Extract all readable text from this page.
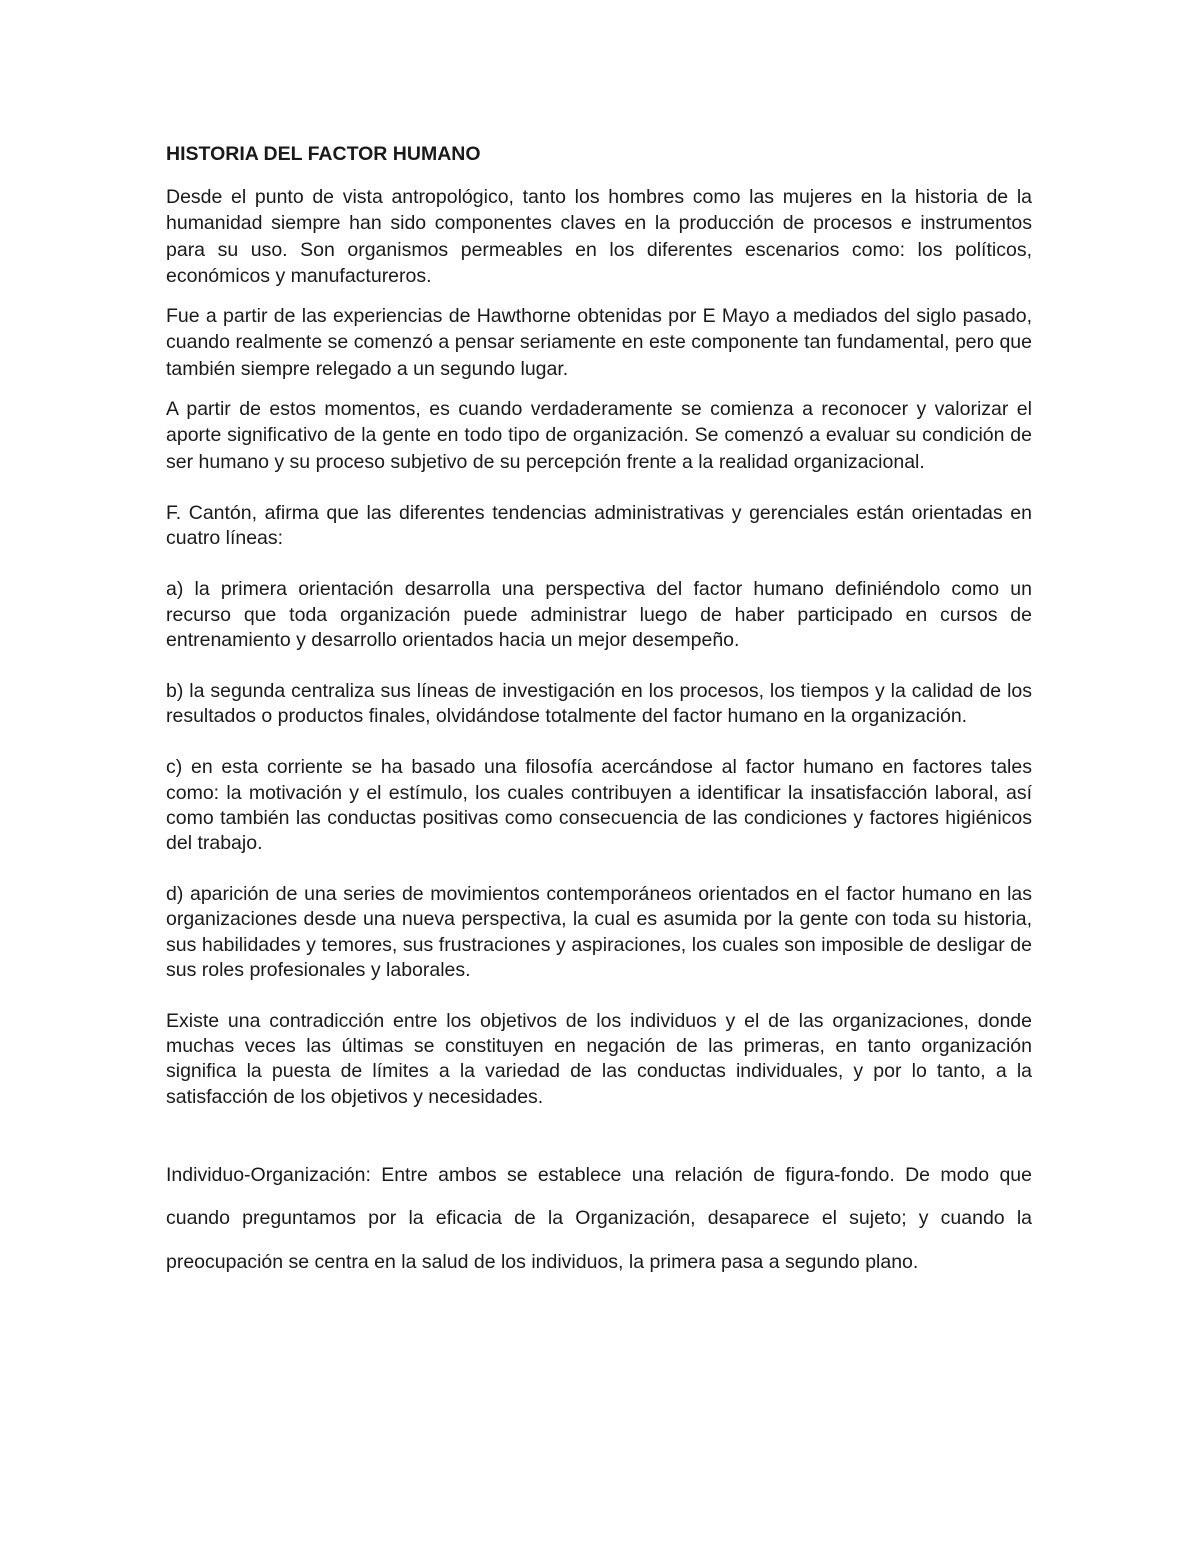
HISTORIA DEL FACTOR HUMANO

Desde el punto de vista antropológico, tanto los hombres como las mujeres en la historia de la humanidad siempre han sido componentes claves en la producción de procesos e instrumentos para su uso. Son organismos permeables en los diferentes escenarios como: los políticos, económicos y manufactureros.

Fue a partir de las experiencias de Hawthorne obtenidas por E Mayo a mediados del siglo pasado, cuando realmente se comenzó a pensar seriamente en este componente tan fundamental, pero que también siempre relegado a un segundo lugar.

A partir de estos momentos, es cuando verdaderamente se comienza a reconocer y valorizar el aporte significativo de la gente en todo tipo de organización. Se comenzó a evaluar su condición de ser humano y su proceso subjetivo de su percepción frente a la realidad organizacional.

F. Cantón, afirma que las diferentes tendencias administrativas y gerenciales están orientadas en cuatro líneas:

a) la primera orientación desarrolla una perspectiva del factor humano definiéndolo como un recurso que toda organización puede administrar luego de haber participado en cursos de entrenamiento y desarrollo orientados hacia un mejor desempeño.

b) la segunda centraliza sus líneas de investigación en los procesos, los tiempos y la calidad de los resultados o productos finales, olvidándose totalmente del factor humano en la organización.

c) en esta corriente se ha basado una filosofía acercándose al factor humano en factores tales como: la motivación y el estímulo, los cuales contribuyen a identificar la insatisfacción laboral, así como también las conductas positivas como consecuencia de las condiciones y factores higiénicos del trabajo.

d) aparición de una series de movimientos contemporáneos orientados en el factor humano en las organizaciones desde una nueva perspectiva, la cual es asumida por la gente con toda su historia, sus habilidades y temores, sus frustraciones y aspiraciones, los cuales son imposible de desligar de sus roles profesionales y laborales.

Existe una contradicción entre los objetivos de los individuos y el de las organizaciones, donde muchas veces las últimas se constituyen en negación de las primeras, en tanto organización significa la puesta de límites a la variedad de las conductas individuales, y por lo tanto, a la satisfacción de los objetivos y necesidades.

Individuo-Organización: Entre ambos se establece una relación de figura-fondo. De modo que cuando preguntamos por la eficacia de la Organización, desaparece el sujeto; y cuando la preocupación se centra en la salud de los individuos, la primera pasa a segundo plano.
